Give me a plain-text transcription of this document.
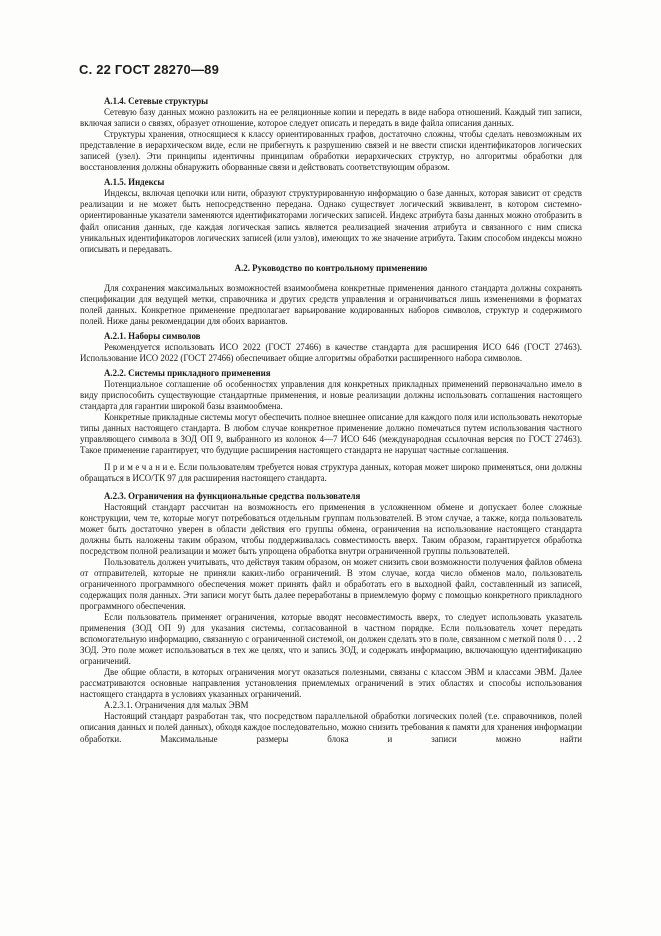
С. 22 ГОСТ 28270—89
А.1.4. Сетевые структуры

Сетевую базу данных можно разложить на ее реляционные копии и передать в виде набора отношений. Каждый тип записи, включая записи о связях, образует отношение, которое следует описать и передать в виде файла описания данных.

Структуры хранения, относящиеся к классу ориентированных графов, достаточно сложны, чтобы сделать невозможным их представление в иерархическом виде, если не прибегнуть к разрушению связей и не ввести списки идентификаторов логических записей (узел). Эти принципы идентичны принципам обработки иерархических структур, но алгоритмы обработки для восстановления должны обнаружить оборванные связи и действовать соответствующим образом.

А.1.5. Индексы

Индексы, включая цепочки или нити, образуют структурированную информацию о базе данных, которая зависит от средств реализации и не может быть непосредственно передана. Однако существует логический эквивалент, в котором системно-ориентированные указатели заменяются идентификаторами логических записей. Индекс атрибута базы данных можно отобразить в файл описания данных, где каждая логическая запись является реализацией значения атрибута и связанного с ним списка уникальных идентификаторов логических записей (или узлов), имеющих то же значение атрибута. Таким способом индексы можно описывать и передавать.

А.2. Руководство по контрольному применению

Для сохранения максимальных возможностей взаимообмена конкретные применения данного стандарта должны сохранять спецификации для ведущей метки, справочника и других средств управления и ограничиваться лишь изменениями в форматах полей данных. Конкретное применение предполагает варьирование кодированных наборов символов, структур и содержимого полей. Ниже даны рекомендации для обоих вариантов.

А.2.1. Наборы символов

Рекомендуется использовать ИСО 2022 (ГОСТ 27466) в качестве стандарта для расширения ИСО 646 (ГОСТ 27463). Использование ИСО 2022 (ГОСТ 27466) обеспечивает общие алгоритмы обработки расширенного набора символов.

А.2.2. Системы прикладного применения

Потенциальное соглашение об особенностях управления для конкретных прикладных применений первоначально имело в виду приспособить существующие стандартные применения, и новые реализации должны использовать соглашения настоящего стандарта для гарантии широкой базы взаимообмена.

Конкретные прикладные системы могут обеспечить полное внешнее описание для каждого поля или использовать некоторые типы данных настоящего стандарта. В любом случае конкретное применение должно помечаться путем использования частного управляющего символа в ЗОД ОП 9, выбранного из колонок 4—7 ИСО 646 (международная ссылочная версия по ГОСТ 27463). Такое применение гарантирует, что будущие расширения настоящего стандарта не нарушат частные соглашения.

П р и м е ч а н и е. Если пользователям требуется новая структура данных, которая может широко применяться, они должны обращаться в ИСО/ТК 97 для расширения настоящего стандарта.

А.2.3. Ограничения на функциональные средства пользователя

Настоящий стандарт рассчитан на возможность его применения в усложненном обмене и допускает более сложные конструкции, чем те, которые могут потребоваться отдельным группам пользователей. В этом случае, а также, когда пользователь может быть достаточно уверен в области действия его группы обмена, ограничения на использование настоящего стандарта должны быть наложены таким образом, чтобы поддерживалась совместимость вверх. Таким образом, гарантируется обработка посредством полной реализации и может быть упрощена обработка внутри ограниченной группы пользователей.

Пользователь должен учитывать, что действуя таким образом, он может снизить свои возможности получения файлов обмена от отправителей, которые не приняли каких-либо ограничений. В этом случае, когда число обменов мало, пользователь ограниченного программного обеспечения может принять файл и обработать его в выходной файл, составленный из записей, содержащих поля данных. Эти записи могут быть далее переработаны в приемлемую форму с помощью конкретного прикладного программного обеспечения.

Если пользователь применяет ограничения, которые вводят несовместимость вверх, то следует использовать указатель применения (ЗОД ОП 9) для указания системы, согласованной в частном порядке. Если пользователь хочет передать вспомогательную информацию, связанную с ограниченной системой, он должен сделать это в поле, связанном с меткой поля 0 . . . 2 ЗОД. Это поле может использоваться в тех же целях, что и запись ЗОД, и содержать информацию, включающую идентификацию ограничений.

Две общие области, в которых ограничения могут оказаться полезными, связаны с классом ЭВМ и классами ЭВМ. Далее рассматриваются основные направления установления приемлемых ограничений в этих областях и способы использования настоящего стандарта в условиях указанных ограничений.

А.2.3.1. Ограничения для малых ЭВМ

Настоящий стандарт разработан так, что посредством параллельной обработки логических полей (т.е. справочников, полей описания данных и полей данных), обходя каждое последовательно, можно снизить требования к памяти для хранения информации обработки. Максимальные размеры блока и записи можно найти
